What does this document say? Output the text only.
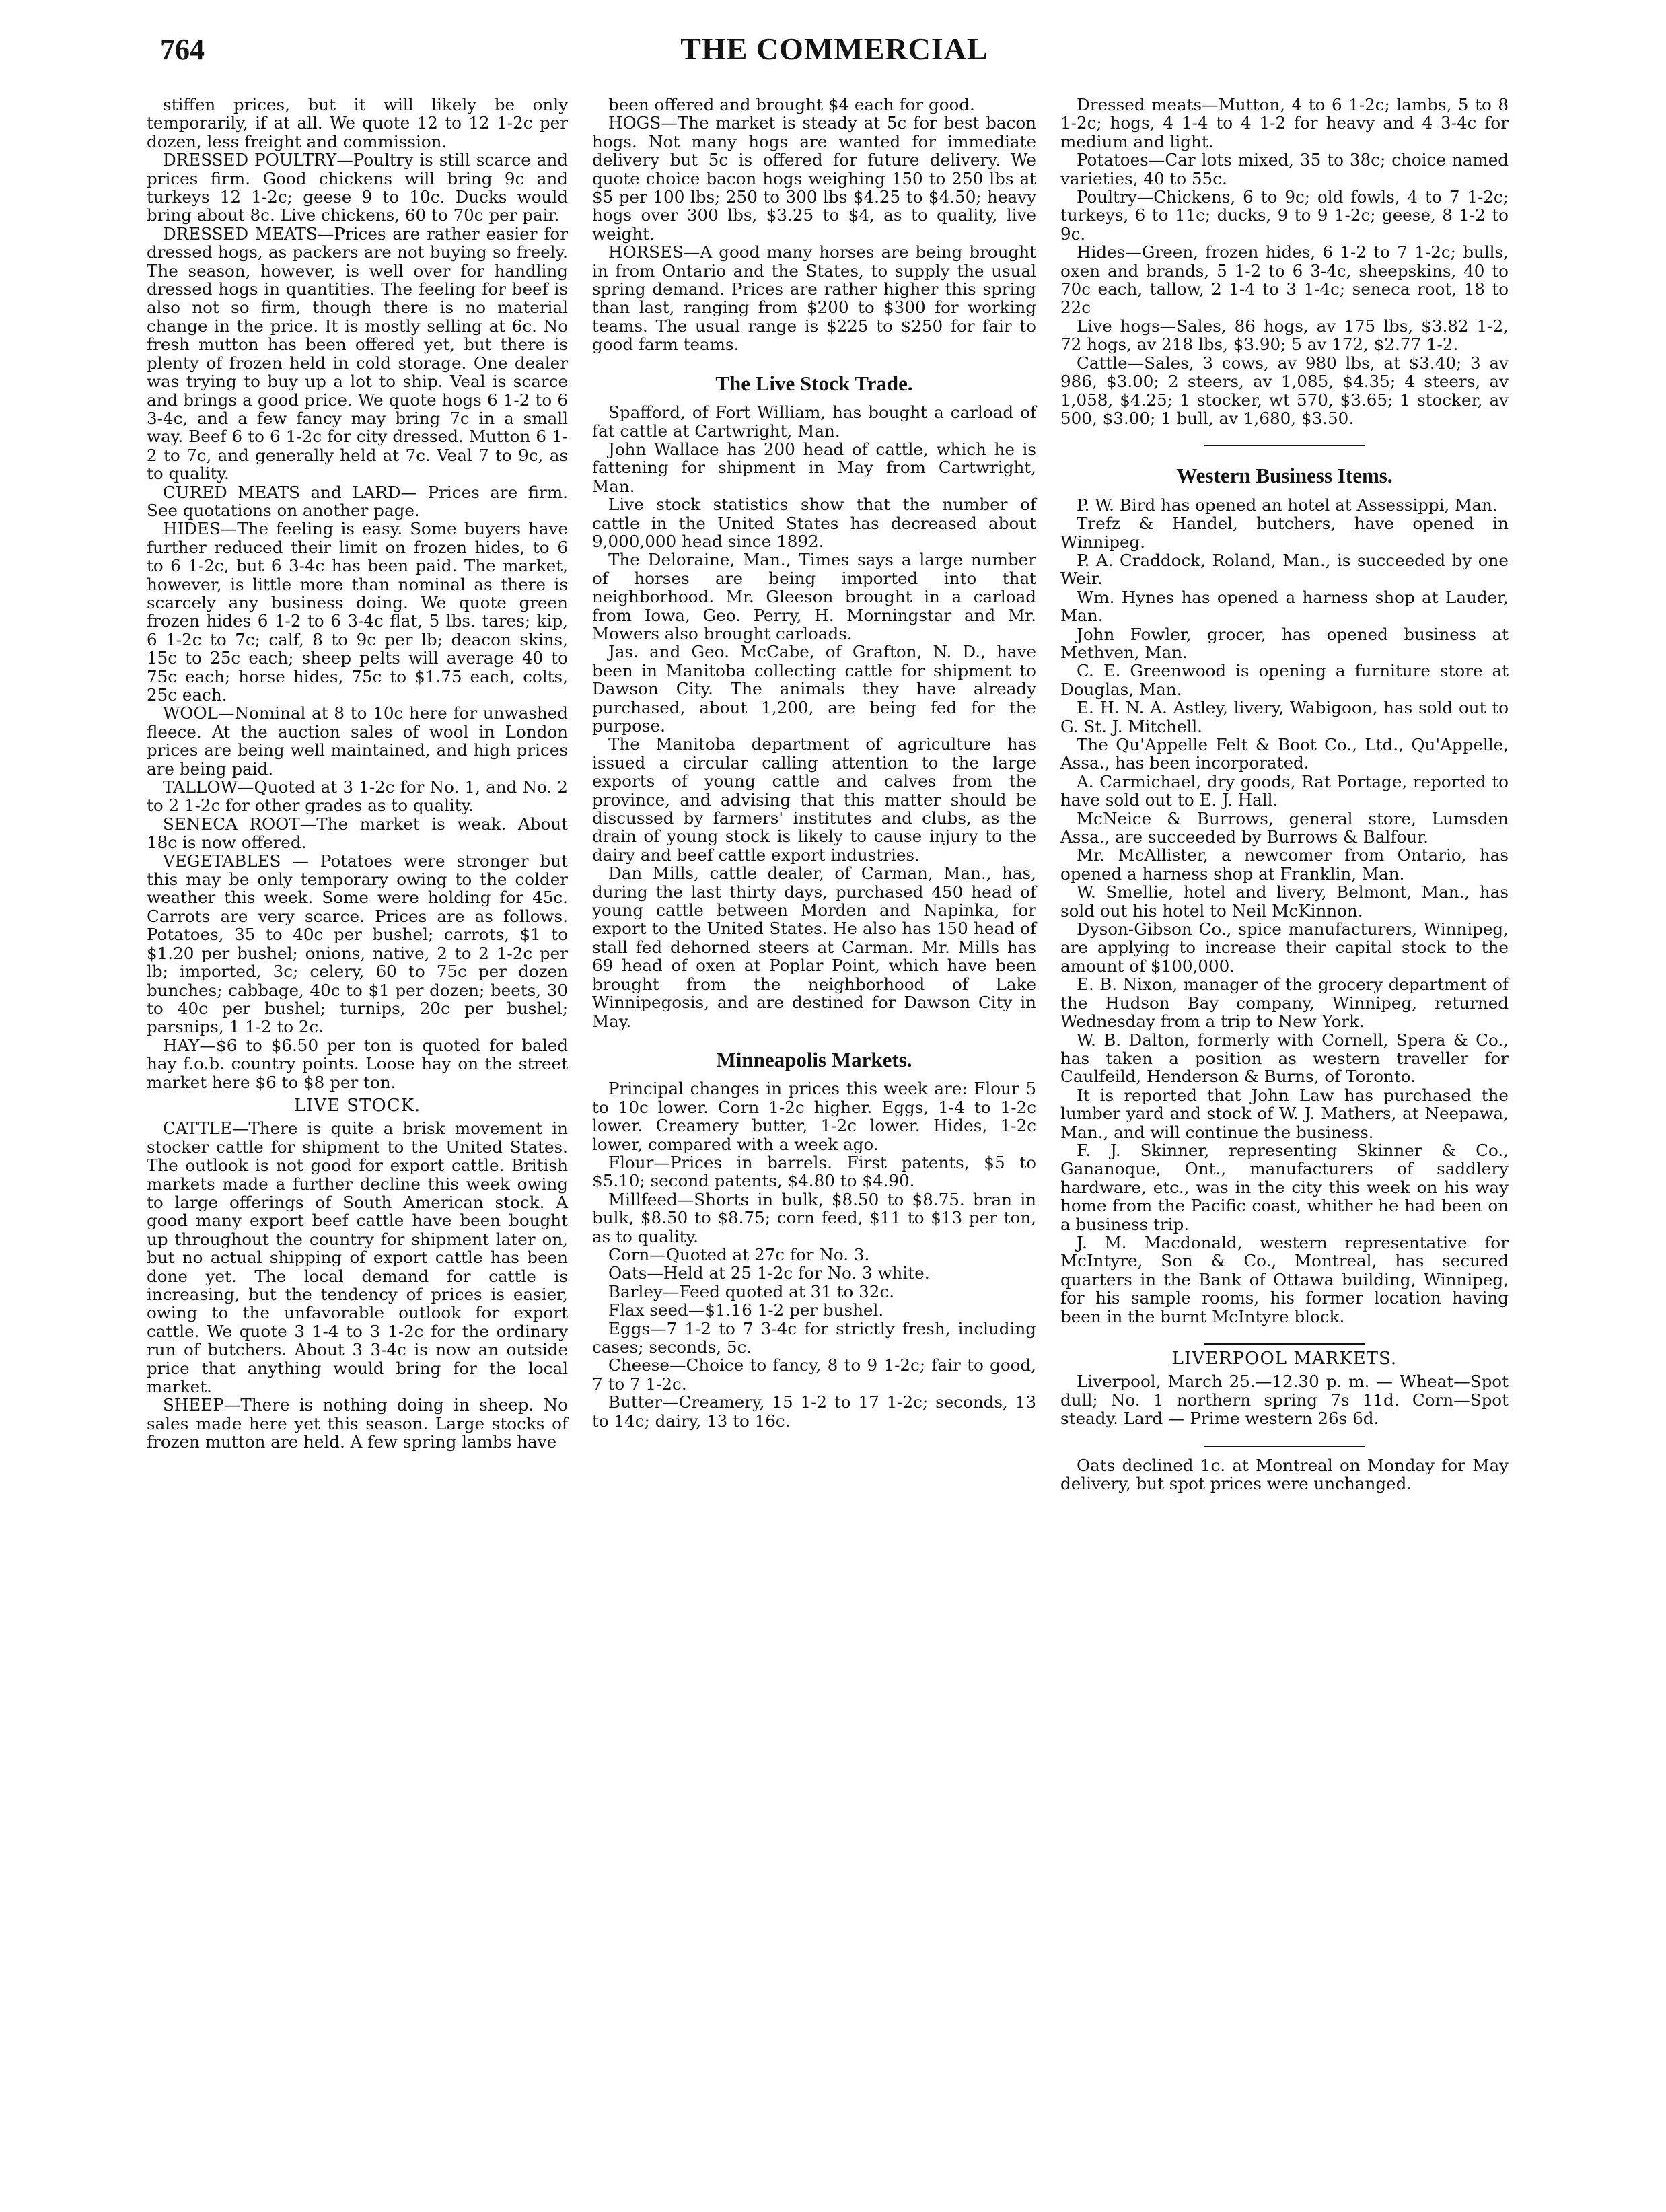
764	THE COMMERCIAL

stiffen prices, but it will likely be only temporarily, if at all. We quote 12 to 12 1-2c per dozen, less freight and commission.

DRESSED POULTRY—Poultry is still scarce and prices firm. Good chickens will bring 9c and turkeys 12 1-2c; geese 9 to 10c. Ducks would bring about 8c. Live chickens, 60 to 70c per pair.

DRESSED MEATS—Prices are rather easier for dressed hogs, as packers are not buying so freely. The season, however, is well over for handling dressed hogs in quantities. The feeling for beef is also not so firm, though there is no material change in the price. It is mostly selling at 6c. No fresh mutton has been offered yet, but there is plenty of frozen held in cold storage. One dealer was trying to buy up a lot to ship. Veal is scarce and brings a good price. We quote hogs 6 1-2 to 6 3-4c, and a few fancy may bring 7c in a small way. Beef 6 to 6 1-2c for city dressed. Mutton 6 1-2 to 7c, and generally held at 7c. Veal 7 to 9c, as to quality.

CURED MEATS and LARD— Prices are firm. See quotations on another page.

HIDES—The feeling is easy. Some buyers have further reduced their limit on frozen hides, to 6 to 6 1-2c, but 6 3-4c has been paid. The market, however, is little more than nominal as there is scarcely any business doing. We quote green frozen hides 6 1-2 to 6 3-4c flat, 5 lbs. tares; kip, 6 1-2c to 7c; calf, 8 to 9c per lb; deacon skins, 15c to 25c each; sheep pelts will average 40 to 75c each; horse hides, 75c to $1.75 each, colts, 25c each.

WOOL—Nominal at 8 to 10c here for unwashed fleece. At the auction sales of wool in London prices are being well maintained, and high prices are being paid.

TALLOW—Quoted at 3 1-2c for No. 1, and No. 2 to 2 1-2c for other grades as to quality.

SENECA ROOT—The market is weak. About 18c is now offered.

VEGETABLES — Potatoes were stronger but this may be only temporary owing to the colder weather this week. Some were holding for 45c. Carrots are very scarce. Prices are as follows. Potatoes, 35 to 40c per bushel; carrots, $1 to $1.20 per bushel; onions, native, 2 to 2 1-2c per lb; imported, 3c; celery, 60 to 75c per dozen bunches; cabbage, 40c to $1 per dozen; beets, 30 to 40c per bushel; turnips, 20c per bushel; parsnips, 1 1-2 to 2c.

HAY—$6 to $6.50 per ton is quoted for baled hay f.o.b. country points. Loose hay on the street market here $6 to $8 per ton.

LIVE STOCK.

CATTLE—There is quite a brisk movement in stocker cattle for shipment to the United States. The outlook is not good for export cattle. British markets made a further decline this week owing to large offerings of South American stock. A good many export beef cattle have been bought up throughout the country for shipment later on, but no actual shipping of export cattle has been done yet. The local demand for cattle is increasing, but the tendency of prices is easier, owing to the unfavorable outlook for export cattle. We quote 3 1-4 to 3 1-2c for the ordinary run of butchers. About 3 3-4c is now an outside price that anything would bring for the local market.

SHEEP—There is nothing doing in sheep. No sales made here yet this season. Large stocks of frozen mutton are held. A few spring lambs have

been offered and brought $4 each for good.

HOGS—The market is steady at 5c for best bacon hogs. Not many hogs are wanted for immediate delivery but 5c is offered for future delivery. We quote choice bacon hogs weighing 150 to 250 lbs at $5 per 100 lbs; 250 to 300 lbs $4.25 to $4.50; heavy hogs over 300 lbs, $3.25 to $4, as to quality, live weight.

HORSES—A good many horses are being brought in from Ontario and the States, to supply the usual spring demand. Prices are rather higher this spring than last, ranging from $200 to $300 for working teams. The usual range is $225 to $250 for fair to good farm teams.

The Live Stock Trade.

Spafford, of Fort William, has bought a carload of fat cattle at Cartwright, Man.

John Wallace has 200 head of cattle, which he is fattening for shipment in May from Cartwright, Man.

Live stock statistics show that the number of cattle in the United States has decreased about 9,000,000 head since 1892.

The Deloraine, Man., Times says a large number of horses are being imported into that neighborhood. Mr. Gleeson brought in a carload from Iowa, Geo. Perry, H. Morningstar and Mr. Mowers also brought carloads.

Jas. and Geo. McCabe, of Grafton, N. D., have been in Manitoba collecting cattle for shipment to Dawson City. The animals they have already purchased, about 1,200, are being fed for the purpose.

The Manitoba department of agriculture has issued a circular calling attention to the large exports of young cattle and calves from the province, and advising that this matter should be discussed by farmers' institutes and clubs, as the drain of young stock is likely to cause injury to the dairy and beef cattle export industries.

Dan Mills, cattle dealer, of Carman, Man., has, during the last thirty days, purchased 450 head of young cattle between Morden and Napinka, for export to the United States. He also has 150 head of stall fed dehorned steers at Carman. Mr. Mills has 69 head of oxen at Poplar Point, which have been brought from the neighborhood of Lake Winnipegosis, and are destined for Dawson City in May.

Minneapolis Markets.

Principal changes in prices this week are: Flour 5 to 10c lower. Corn 1-2c higher. Eggs, 1-4 to 1-2c lower. Creamery butter, 1-2c lower. Hides, 1-2c lower, compared with a week ago.

Flour—Prices in barrels. First patents, $5 to $5.10; second patents, $4.80 to $4.90.

Millfeed—Shorts in bulk, $8.50 to $8.75. bran in bulk, $8.50 to $8.75; corn feed, $11 to $13 per ton, as to quality.

Corn—Quoted at 27c for No. 3.

Oats—Held at 25 1-2c for No. 3 white.

Barley—Feed quoted at 31 to 32c.

Flax seed—$1.16 1-2 per bushel.

Eggs—7 1-2 to 7 3-4c for strictly fresh, including cases; seconds, 5c.

Cheese—Choice to fancy, 8 to 9 1-2c; fair to good, 7 to 7 1-2c.

Butter—Creamery, 15 1-2 to 17 1-2c; seconds, 13 to 14c; dairy, 13 to 16c.

Dressed meats—Mutton, 4 to 6 1-2c; lambs, 5 to 8 1-2c; hogs, 4 1-4 to 4 1-2 for heavy and 4 3-4c for medium and light.

Potatoes—Car lots mixed, 35 to 38c; choice named varieties, 40 to 55c.

Poultry—Chickens, 6 to 9c; old fowls, 4 to 7 1-2c; turkeys, 6 to 11c; ducks, 9 to 9 1-2c; geese, 8 1-2 to 9c.

Hides—Green, frozen hides, 6 1-2 to 7 1-2c; bulls, oxen and brands, 5 1-2 to 6 3-4c, sheepskins, 40 to 70c each, tallow, 2 1-4 to 3 1-4c; seneca root, 18 to 22c

Live hogs—Sales, 86 hogs, av 175 lbs, $3.82 1-2, 72 hogs, av 218 lbs, $3.90; 5 av 172, $2.77 1-2.

Cattle—Sales, 3 cows, av 980 lbs, at $3.40; 3 av 986, $3.00; 2 steers, av 1,085, $4.35; 4 steers, av 1,058, $4.25; 1 stocker, wt 570, $3.65; 1 stocker, av 500, $3.00; 1 bull, av 1,680, $3.50.

Western Business Items.

P. W. Bird has opened an hotel at Assessippi, Man.

Trefz & Handel, butchers, have opened in Winnipeg.

P. A. Craddock, Roland, Man., is succeeded by one Weir.

Wm. Hynes has opened a harness shop at Lauder, Man.

John Fowler, grocer, has opened business at Methven, Man.

C. E. Greenwood is opening a furniture store at Douglas, Man.

E. H. N. A. Astley, livery, Wabigoon, has sold out to G. St. J. Mitchell.

The Qu'Appelle Felt & Boot Co., Ltd., Qu'Appelle, Assa., has been incorporated.

A. Carmichael, dry goods, Rat Portage, reported to have sold out to E. J. Hall.

McNeice & Burrows, general store, Lumsden Assa., are succeeded by Burrows & Balfour.

Mr. McAllister, a newcomer from Ontario, has opened a harness shop at Franklin, Man.

W. Smellie, hotel and livery, Belmont, Man., has sold out his hotel to Neil McKinnon.

Dyson-Gibson Co., spice manufacturers, Winnipeg, are applying to increase their capital stock to the amount of $100,000.

E. B. Nixon, manager of the grocery department of the Hudson Bay company, Winnipeg, returned Wednesday from a trip to New York.

W. B. Dalton, formerly with Cornell, Spera & Co., has taken a position as western traveller for Caulfeild, Henderson & Burns, of Toronto.

It is reported that John Law has purchased the lumber yard and stock of W. J. Mathers, at Neepawa, Man., and will continue the business.

F. J. Skinner, representing Skinner & Co., Gananoque, Ont., manufacturers of saddlery hardware, etc., was in the city this week on his way home from the Pacific coast, whither he had been on a business trip.

J. M. Macdonald, western representative for McIntyre, Son & Co., Montreal, has secured quarters in the Bank of Ottawa building, Winnipeg, for his sample rooms, his former location having been in the burnt McIntyre block.

LIVERPOOL MARKETS.

Liverpool, March 25.—12.30 p. m. — Wheat—Spot dull; No. 1 northern spring 7s 11d. Corn—Spot steady. Lard — Prime western 26s 6d.

Oats declined 1c. at Montreal on Monday for May delivery, but spot prices were unchanged.
